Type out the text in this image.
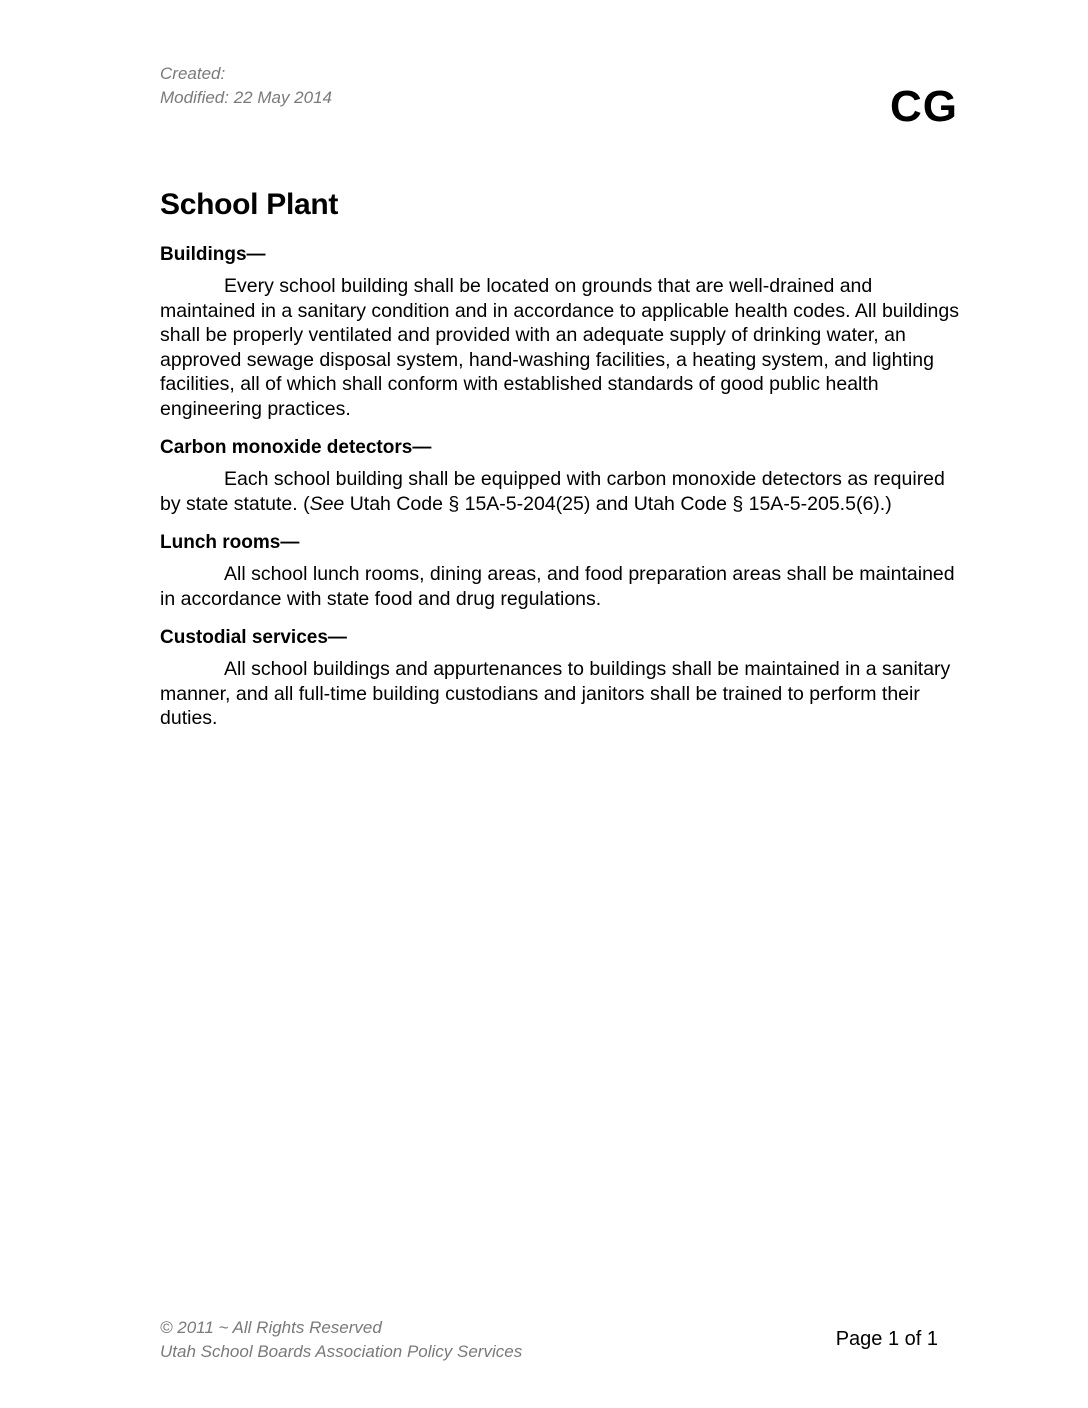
Created:
Modified: 22 May 2014	CG
School Plant
Buildings—

Every school building shall be located on grounds that are well-drained and maintained in a sanitary condition and in accordance to applicable health codes. All buildings shall be properly ventilated and provided with an adequate supply of drinking water, an approved sewage disposal system, hand-washing facilities, a heating system, and lighting facilities, all of which shall conform with established standards of good public health engineering practices.

Carbon monoxide detectors—

Each school building shall be equipped with carbon monoxide detectors as required by state statute. (See Utah Code § 15A-5-204(25) and Utah Code § 15A-5-205.5(6).)

Lunch rooms—

All school lunch rooms, dining areas, and food preparation areas shall be maintained in accordance with state food and drug regulations.

Custodial services—

All school buildings and appurtenances to buildings shall be maintained in a sanitary manner, and all full-time building custodians and janitors shall be trained to perform their duties.

© 2011 ~ All Rights Reserved
Utah School Boards Association Policy Services
Page 1 of 1
